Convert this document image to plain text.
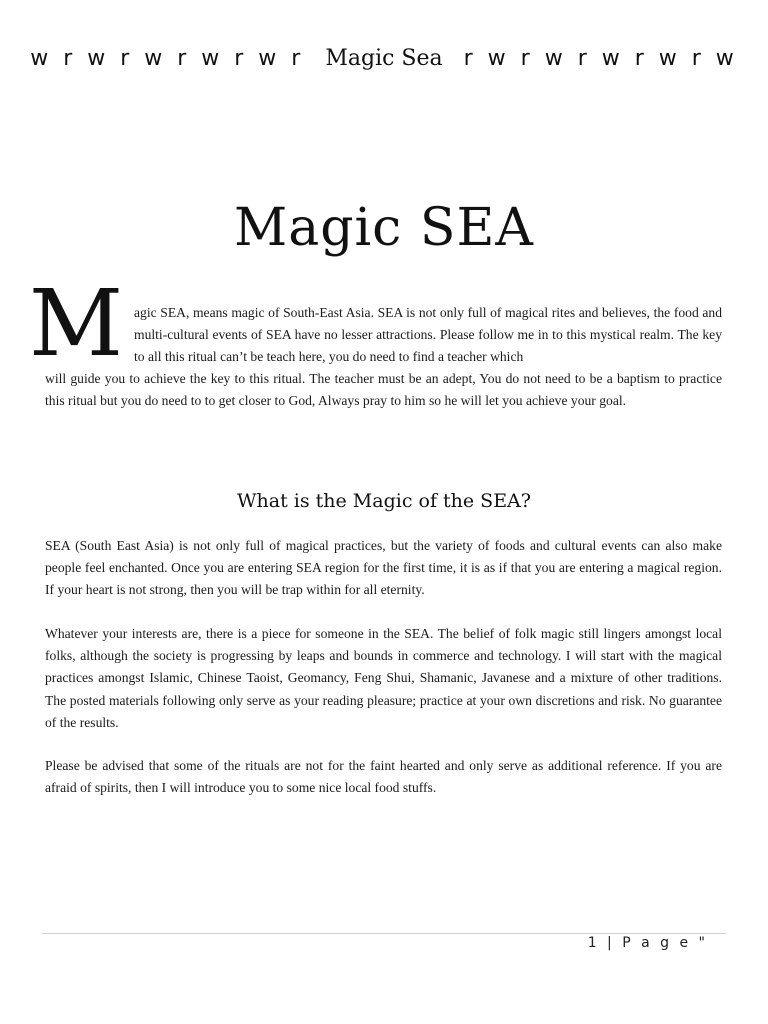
w r w r w r w r w r Magic Sea r w r w r w r w r w
Magic SEA
M agic SEA, means magic of South-East Asia. SEA is not only full of magical rites and believes, the food and multi-cultural events of SEA have no lesser attractions. Please follow me in to this mystical realm. The key to all this ritual can’t be teach here, you do need to find a teacher which
will guide you to achieve the key to this ritual. The teacher must be an adept, You do not need to be a baptism to practice this ritual but you do need to to get closer to God, Always pray to him so he will let you achieve your goal.
What is the Magic of the SEA?
SEA (South East Asia) is not only full of magical practices, but the variety of foods and cultural events can also make people feel enchanted. Once you are entering SEA region for the first time, it is as if that you are entering a magical region. If your heart is not strong, then you will be trap within for all eternity.
Whatever your interests are, there is a piece for someone in the SEA. The belief of folk magic still lingers amongst local folks, although the society is progressing by leaps and bounds in commerce and technology. I will start with the magical practices amongst Islamic, Chinese Taoist, Geomancy, Feng Shui, Shamanic, Javanese and a mixture of other traditions. The posted materials following only serve as your reading pleasure; practice at your own discretions and risk. No guarantee of the results.
Please be advised that some of the rituals are not for the faint hearted and only serve as additional reference. If you are afraid of spirits, then I will introduce you to some nice local food stuffs.
1 | P a g e "
